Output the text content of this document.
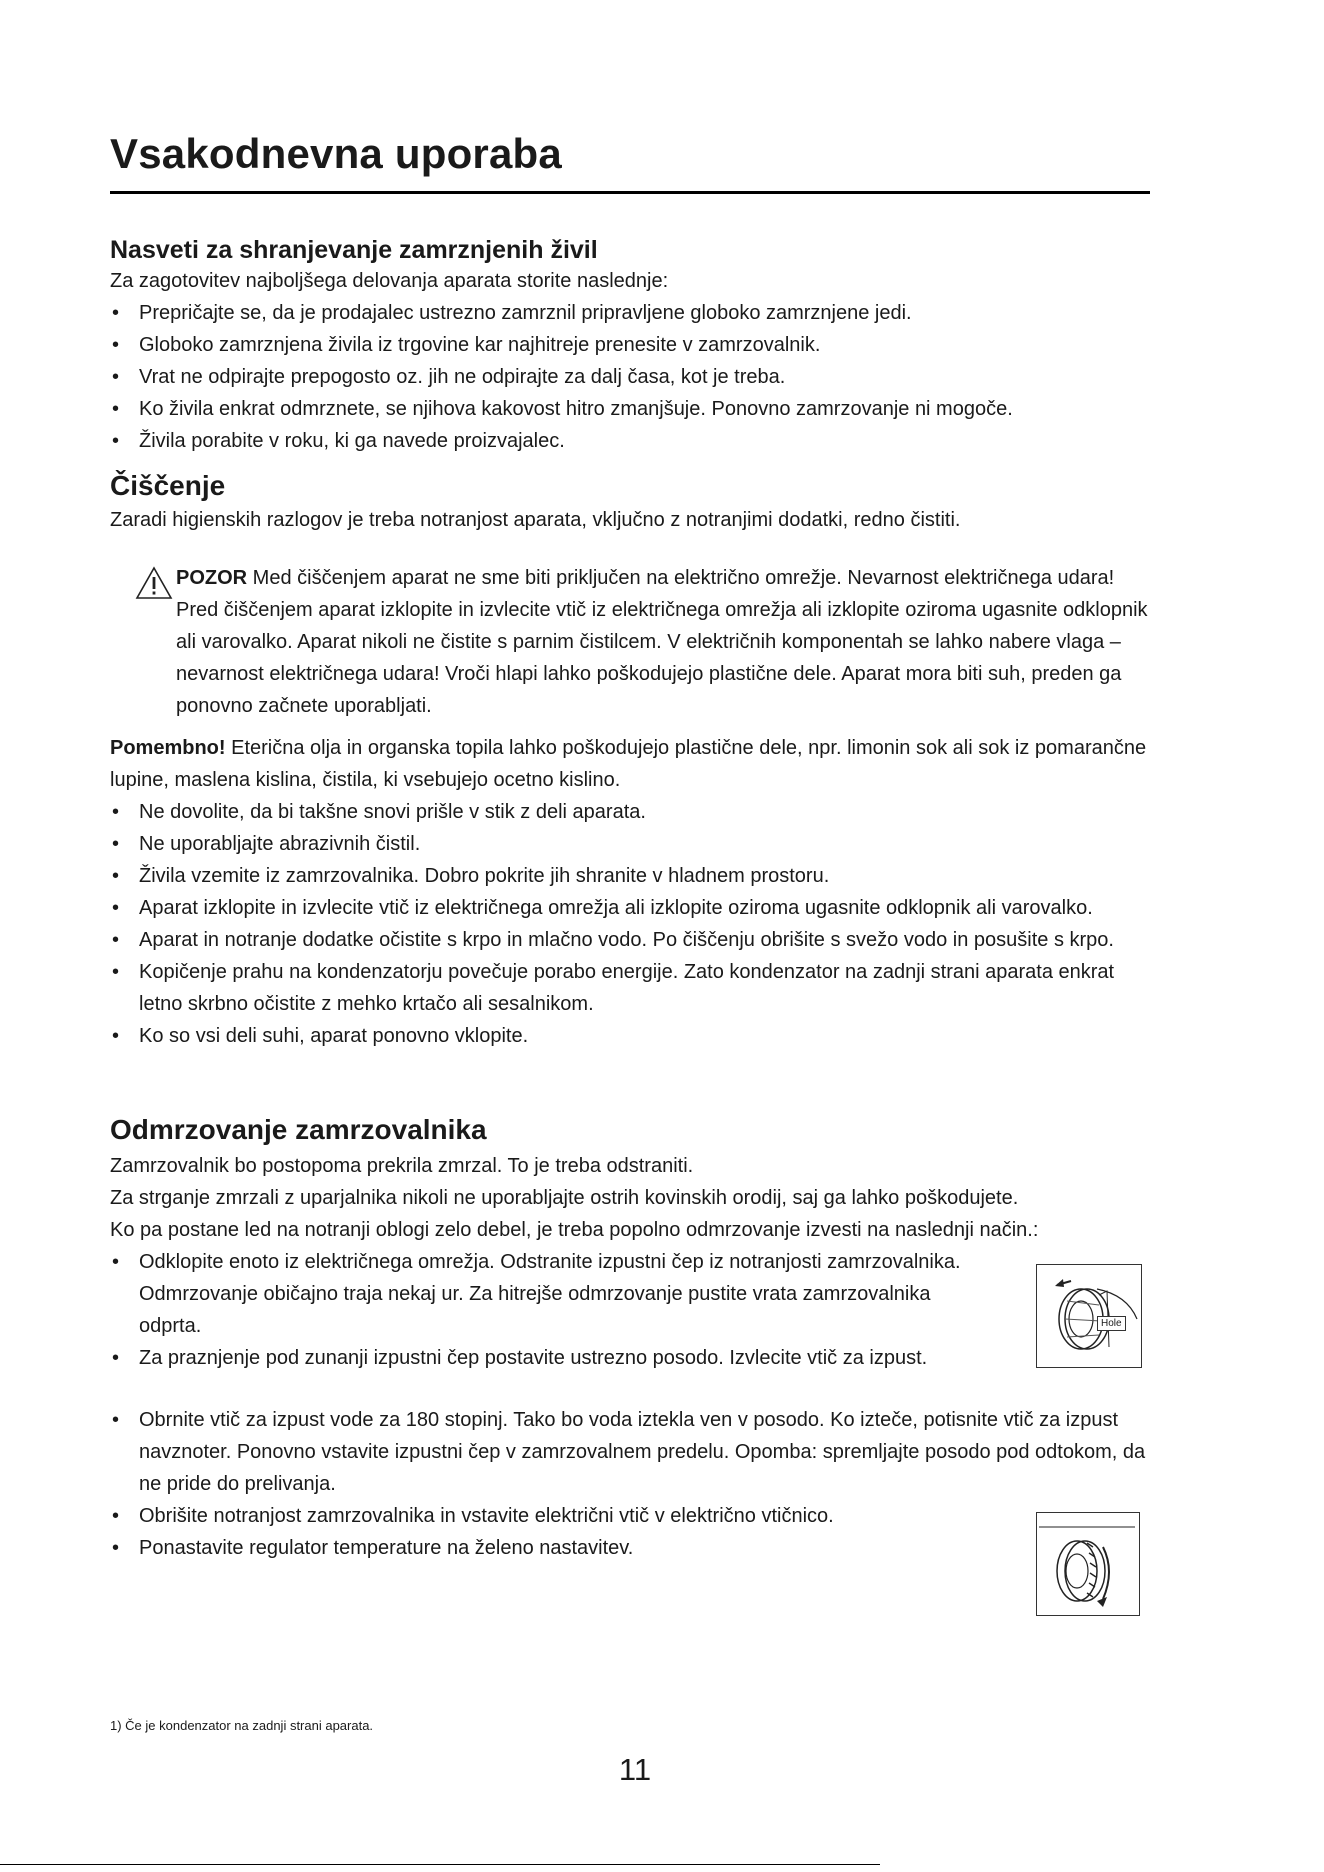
Vsakodnevna uporaba

Nasveti za shranjevanje zamrznjenih živil

Za zagotovitev najboljšega delovanja aparata storite naslednje:

• Prepričajte se, da je prodajalec ustrezno zamrznil pripravljene globoko zamrznjene jedi.
• Globoko zamrznjena živila iz trgovine kar najhitreje prenesite v zamrzovalnik.
• Vrat ne odpirajte prepogosto oz. jih ne odpirajte za dalj časa, kot je treba.
• Ko živila enkrat odmrznete, se njihova kakovost hitro zmanjšuje. Ponovno zamrzovanje ni mogoče.
• Živila porabite v roku, ki ga navede proizvajalec.

Čiščenje

Zaradi higienskih razlogov je treba notranjost aparata, vključno z notranjimi dodatki, redno čistiti.

POZOR Med čiščenjem aparat ne sme biti priključen na električno omrežje. Nevarnost električnega udara! Pred čiščenjem aparat izklopite in izvlecite vtič iz električnega omrežja ali izklopite oziroma ugasnite odklopnik ali varovalko. Aparat nikoli ne čistite s parnim čistilcem. V električnih komponentah se lahko nabere vlaga – nevarnost električnega udara! Vroči hlapi lahko poškodujejo plastične dele. Aparat mora biti suh, preden ga ponovno začnete uporabljati.

Pomembno! Eterična olja in organska topila lahko poškodujejo plastične dele, npr. limonin sok ali sok iz pomarančne lupine, maslena kislina, čistila, ki vsebujejo ocetno kislino.

• Ne dovolite, da bi takšne snovi prišle v stik z deli aparata.
• Ne uporabljajte abrazivnih čistil.
• Živila vzemite iz zamrzovalnika. Dobro pokrite jih shranite v hladnem prostoru.
• Aparat izklopite in izvlecite vtič iz električnega omrežja ali izklopite oziroma ugasnite odklopnik ali varovalko.
• Aparat in notranje dodatke očistite s krpo in mlačno vodo. Po čiščenju obrišite s svežo vodo in posušite s krpo.
• Kopičenje prahu na kondenzatorju povečuje porabo energije. Zato kondenzator na zadnji strani aparata enkrat letno skrbno očistite z mehko krtačo ali sesalnikom.
• Ko so vsi deli suhi, aparat ponovno vklopite.

Odmrzovanje zamrzovalnika

Zamrzovalnik bo postopoma prekrila zmrzal. To je treba odstraniti.

Za strganje zmrzali z uparjalnika nikoli ne uporabljajte ostrih kovinskih orodij, saj ga lahko poškodujete.

Ko pa postane led na notranji oblogi zelo debel, je treba popolno odmrzovanje izvesti na naslednji način.:

• Odklopite enoto iz električnega omrežja. Odstranite izpustni čep iz notranjosti zamrzovalnika. Odmrzovanje običajno traja nekaj ur. Za hitrejše odmrzovanje pustite vrata zamrzovalnika odprta.
• Za praznjenje pod zunanji izpustni čep postavite ustrezno posodo. Izvlecite vtič za izpust.
• Obrnite vtič za izpust vode za 180 stopinj. Tako bo voda iztekla ven v posodo. Ko izteče, potisnite vtič za izpust navznoter. Ponovno vstavite izpustni čep v zamrzovalnem predelu. Opomba: spremljajte posodo pod odtokom, da ne pride do prelivanja.
• Obrišite notranjost zamrzovalnika in vstavite električni vtič v električno vtičnico.
• Ponastavite regulator temperature na želeno nastavitev.
Hole
1) Če je kondenzator na zadnji strani aparata.
11
